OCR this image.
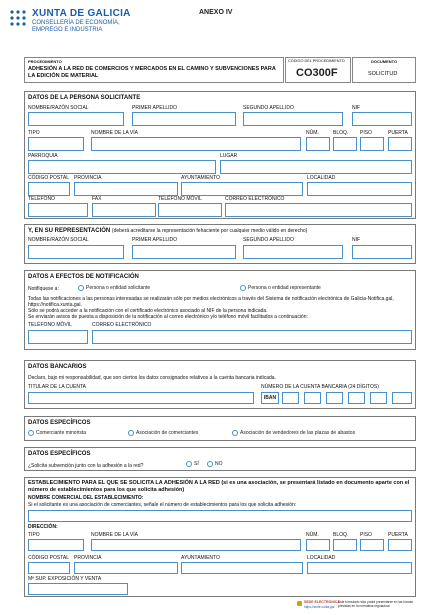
XUNTA DE GALICIA
CONSELLERÍA DE ECONOMÍA,
EMPREGO E INDUSTRIA
ANEXO IV
PROCEDIMIENTO
ADHESIÓN A LA RED DE COMERCIOS Y MERCADOS EN EL CAMINO Y SUBVENCIONES PARA LA EDICIÓN DE MATERIAL
CÓDIGO DEL PROCEDIMIENTO
CO300F
DOCUMENTO
SOLICITUD
DATOS DE LA PERSONA SOLICITANTE
NOMBRE/RAZÓN SOCIAL	PRIMER APELLIDO	SEGUNDO APELLIDO	NIF
TIPO	NOMBRE DE LA VÍA	NÚM.	BLOQ. PISO	PUERTA
PARROQUIA	LUGAR
CÓDIGO POSTAL PROVINCIA	AYUNTAMIENTO	LOCALIDAD
TELÉFONO	FAX	TELÉFONO MÓVIL	CORREO ELECTRÓNICO
Y, EN SU REPRESENTACIÓN (deberá acreditarse la representación fehaciente por cualquier medio válido en derecho)
NOMBRE/RAZÓN SOCIAL	PRIMER APELLIDO	SEGUNDO APELLIDO	NIF
DATOS A EFECTOS DE NOTIFICACIÓN
Notifíquese a:	Persona o entidad solicitante	Persona o entidad representante
Todas las notificaciones a las personas interesadas se realizarán sólo por medios electrónicos a través del Sistema de notificación electrónica de Galicia-Notifica.gal, https://notifica.xunta.gal.
Sólo se podrá acceder a la notificación con el certificado electrónico asociado al NIF de la persona indicada.
Se enviarán avisos de puesta a disposición de la notificación al correo electrónico y/o teléfono móvil facilitados a continuación:
TELÉFONO MÓVIL	CORREO ELECTRÓNICO
DATOS BANCARIOS
Declaro, bajo mi responsabilidad, que son ciertos los datos consignados relativos a la cuenta bancaria indicada.
TITULAR DE LA CUENTA	NÚMERO DE LA CUENTA BANCARIA (24 DÍGITOS)
IBAN
DATOS ESPECÍFICOS
Comerciante minorista	Asociación de comerciantes	Asociación de vendedores de las plazas de abastos
DATOS ESPECÍFICOS
¿Solicita subvención junto con la adhesión a la red?	SÍ	NO
ESTABLECIMIENTO PARA EL QUE SE SOLICITA LA ADHESIÓN A LA RED (si es una asociación, se presentará listado en documento aparte con el número de establecimientos para los que solicita adhesión)
NOMBRE COMERCIAL DEL ESTABLECIMIENTO:
Si el solicitante es una asociación de comerciantes, señale el número de establecimientos para los que solicita adhesión:
DIRECCIÓN:
TIPO	NOMBRE DE LA VÍA	NÚM.	BLOQ. PISO	PUERTA
CÓDIGO POSTAL PROVINCIA	AYUNTAMIENTO	LOCALIDAD
Mª SUP. EXPOSICIÓN Y VENTA
SEDE ELECTRÓNICA
Este formulario sólo podrá presentarse en las formas previstas en la normativa reguladora
https://sede.xunta.gal
